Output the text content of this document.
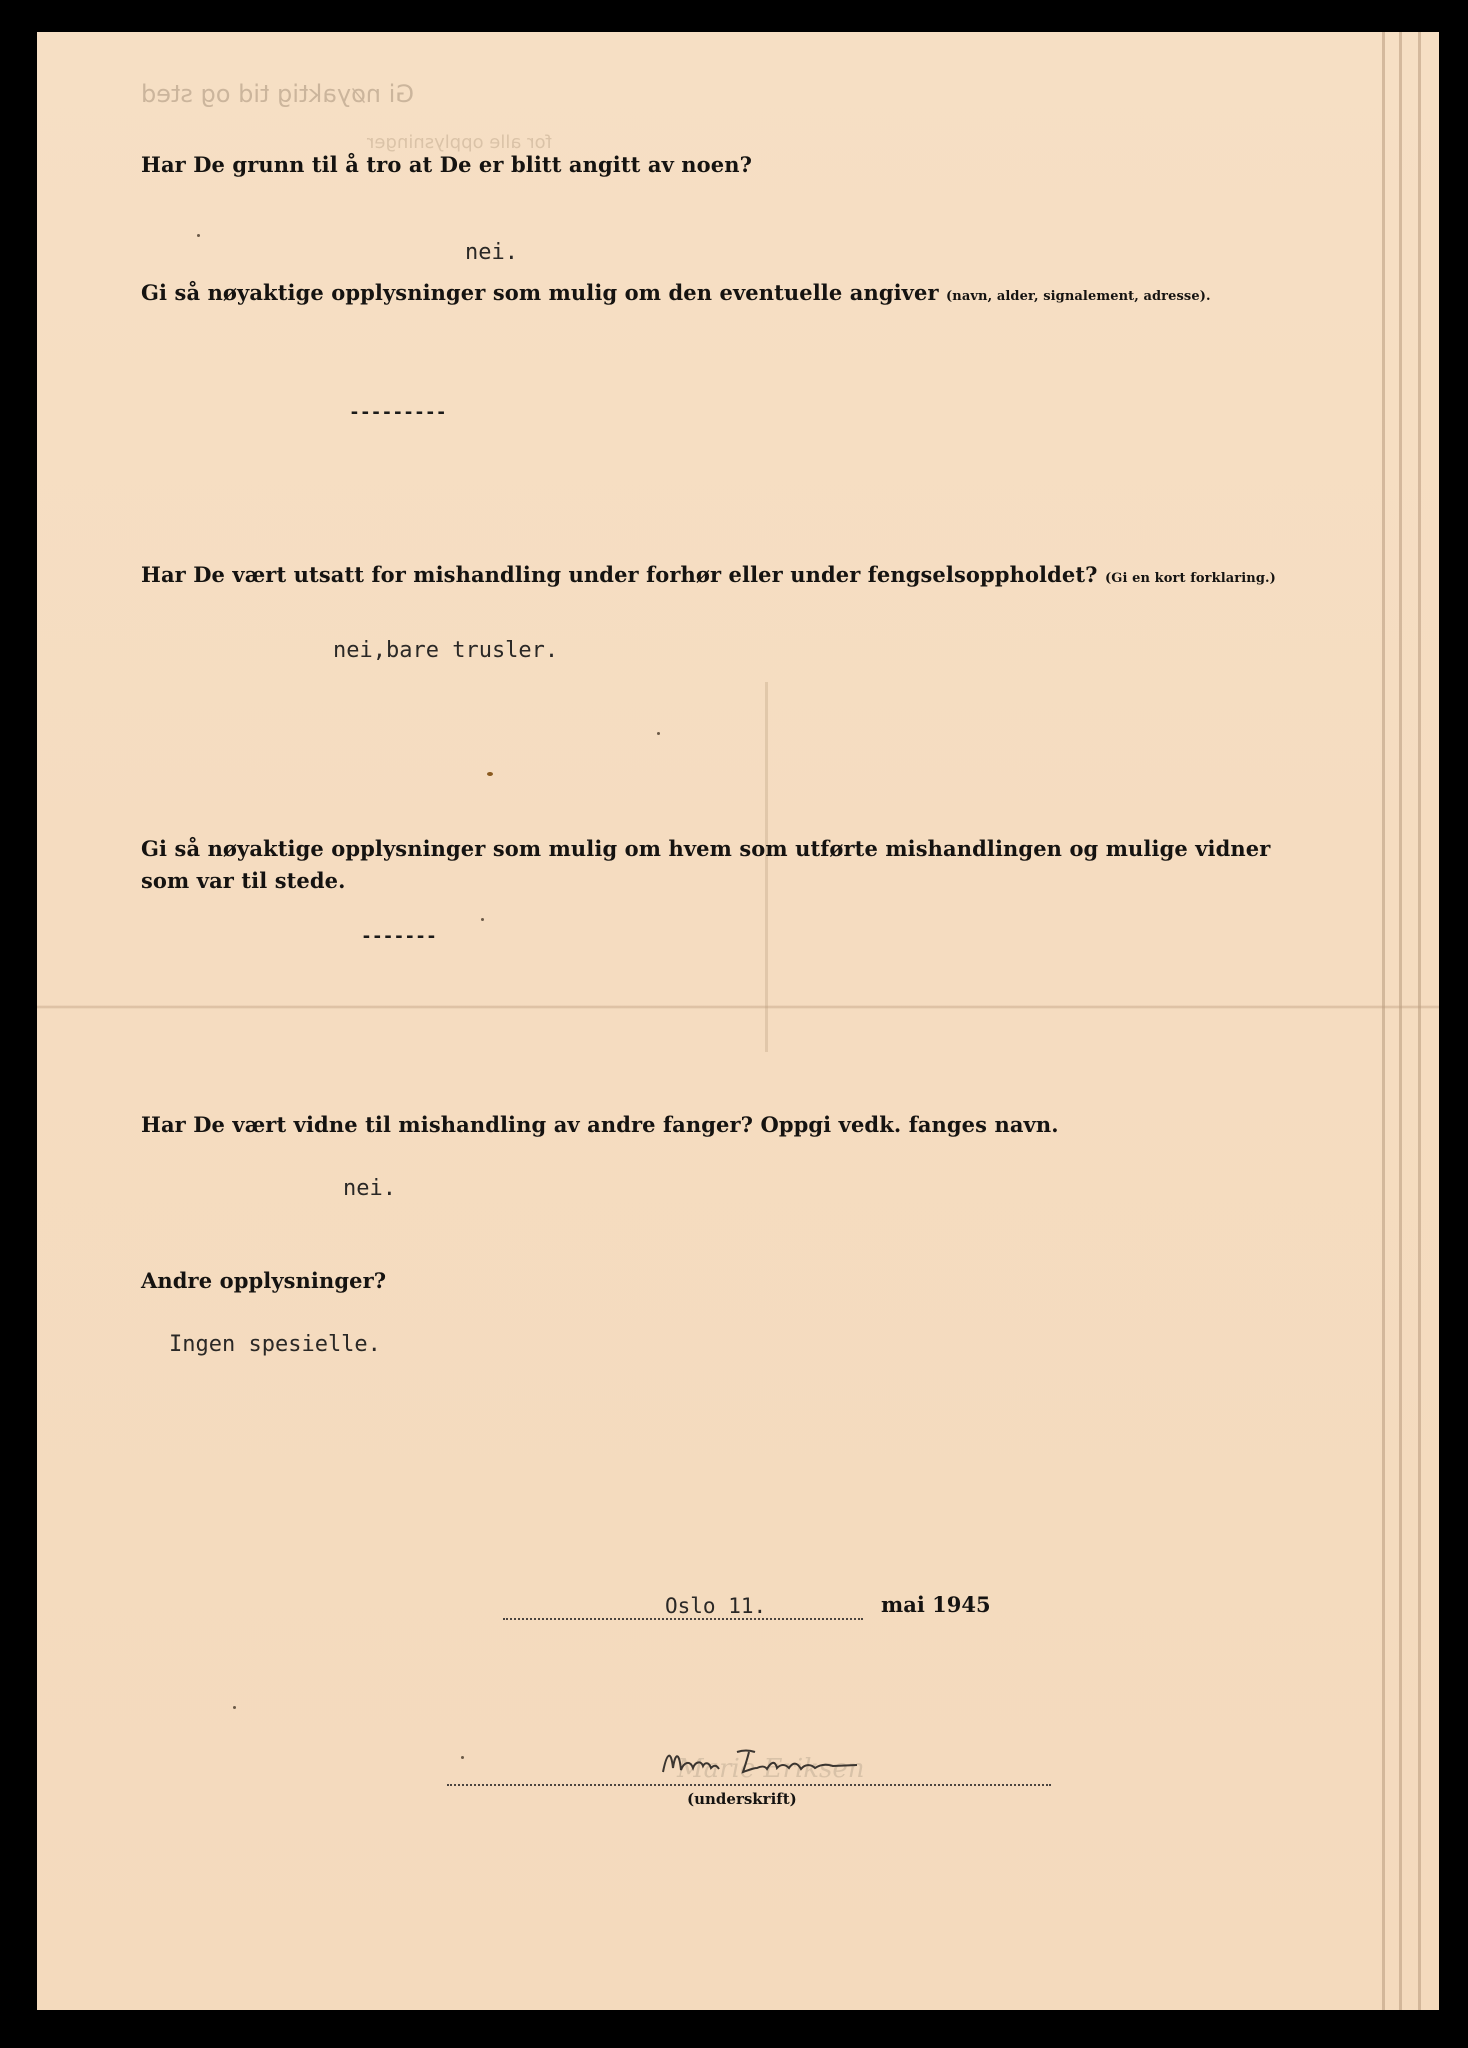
Gi nøyaktig tid og sted
for alle opplysninger
Har De grunn til å tro at De er blitt angitt av noen?
nei.
Gi så nøyaktige opplysninger som mulig om den eventuelle angiver (navn, alder, signalement, adresse).
---------
Har De vært utsatt for mishandling under forhør eller under fengselsoppholdet? (Gi en kort forklaring.)
nei,bare trusler.
Gi så nøyaktige opplysninger som mulig om hvem som utførte mishandlingen og mulige vidner
som var til stede.
-------
Har De vært vidne til mishandling av andre fanger? Oppgi vedk. fanges navn.
nei.
Andre opplysninger?
Ingen spesielle.
Oslo 11.	mai 1945
Marie Eriksen
(underskrift)
